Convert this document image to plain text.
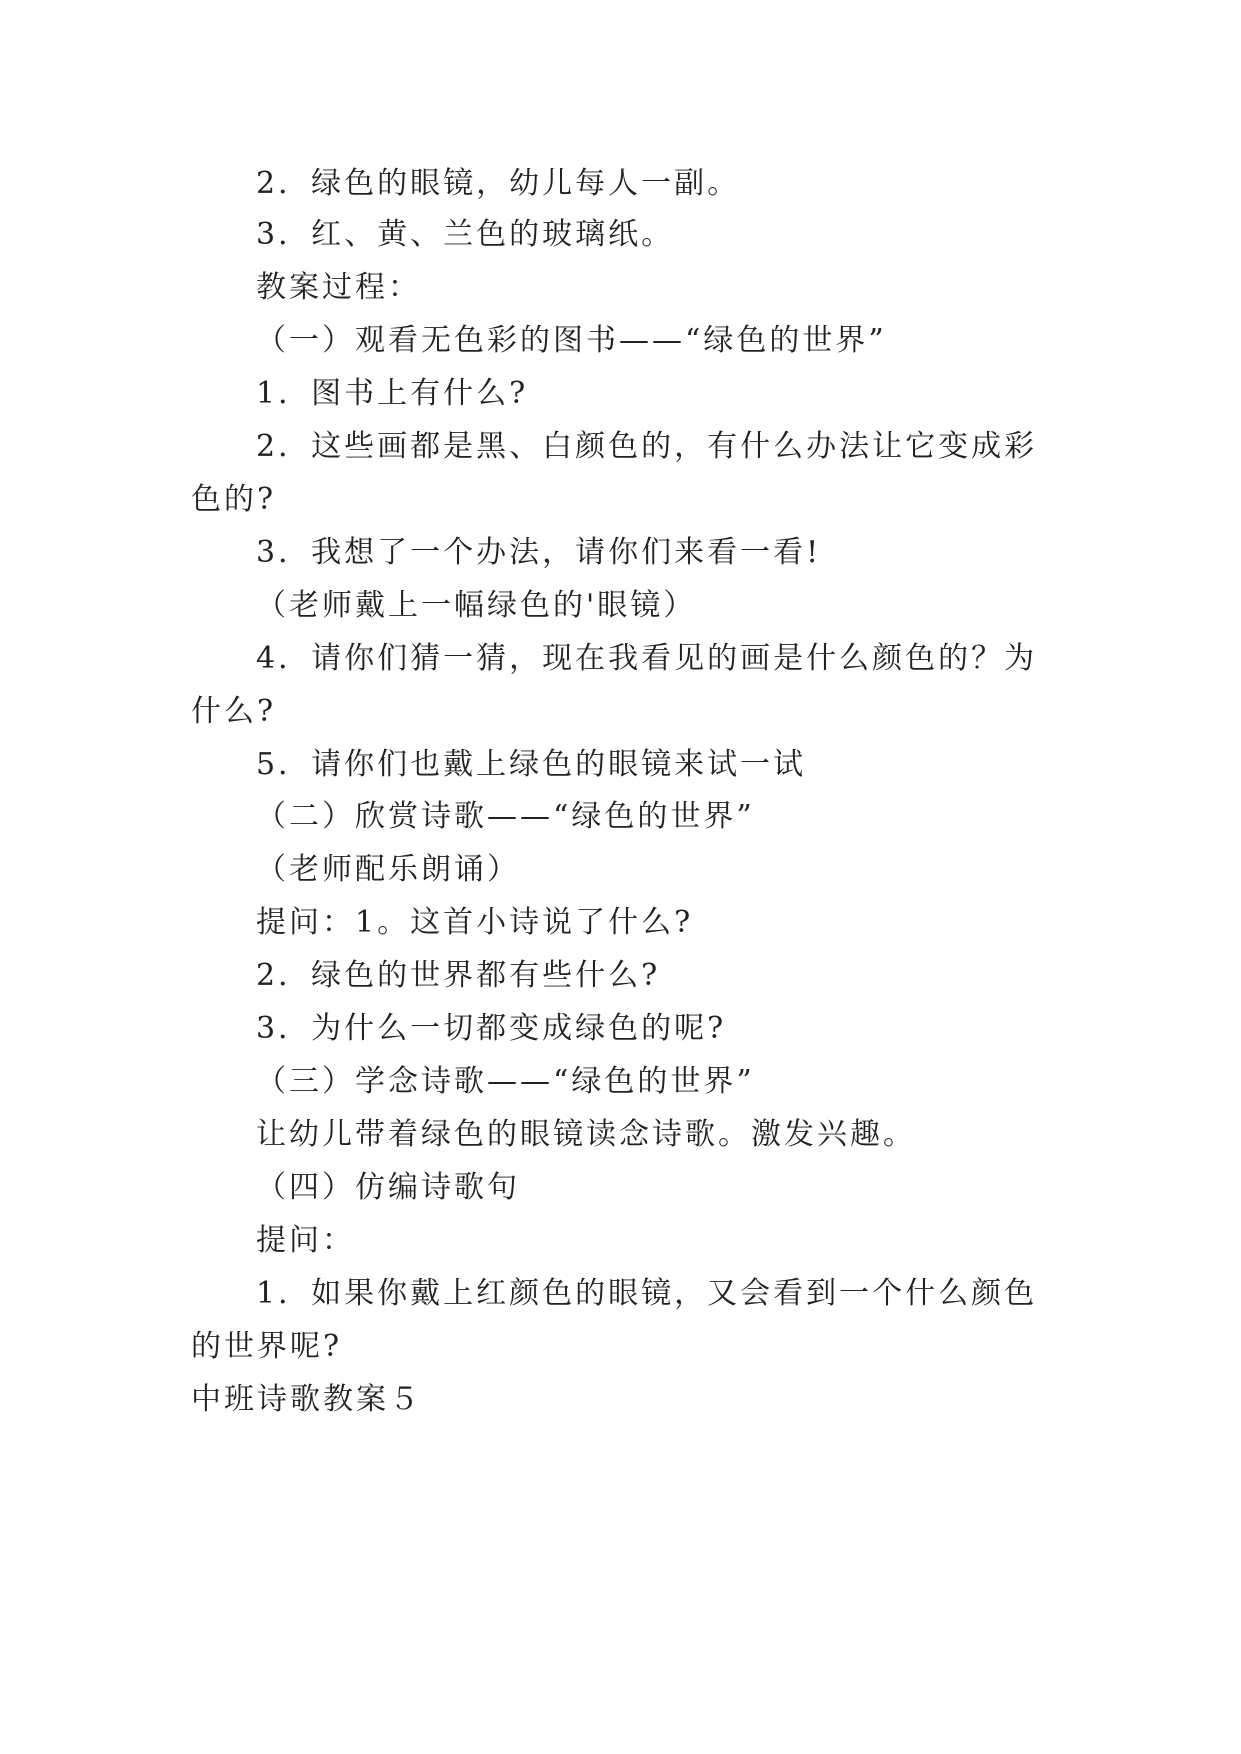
2．绿色的眼镜，幼儿每人一副。
3．红、黄、兰色的玻璃纸。
教案过程：
（一）观看无色彩的图书——“绿色的世界”
1．图书上有什么?
2．这些画都是黑、白颜色的，有什么办法让它变成彩
色的?
3．我想了一个办法，请你们来看一看!
（老师戴上一幅绿色的'眼镜）
4．请你们猜一猜，现在我看见的画是什么颜色的？为
什么?
5．请你们也戴上绿色的眼镜来试一试
（二）欣赏诗歌——“绿色的世界”
（老师配乐朗诵）
提问：1。这首小诗说了什么?
2．绿色的世界都有些什么?
3．为什么一切都变成绿色的呢?
（三）学念诗歌——“绿色的世界”
让幼儿带着绿色的眼镜读念诗歌。激发兴趣。
（四）仿编诗歌句
提问：
1．如果你戴上红颜色的眼镜，又会看到一个什么颜色
的世界呢?
中班诗歌教案５
